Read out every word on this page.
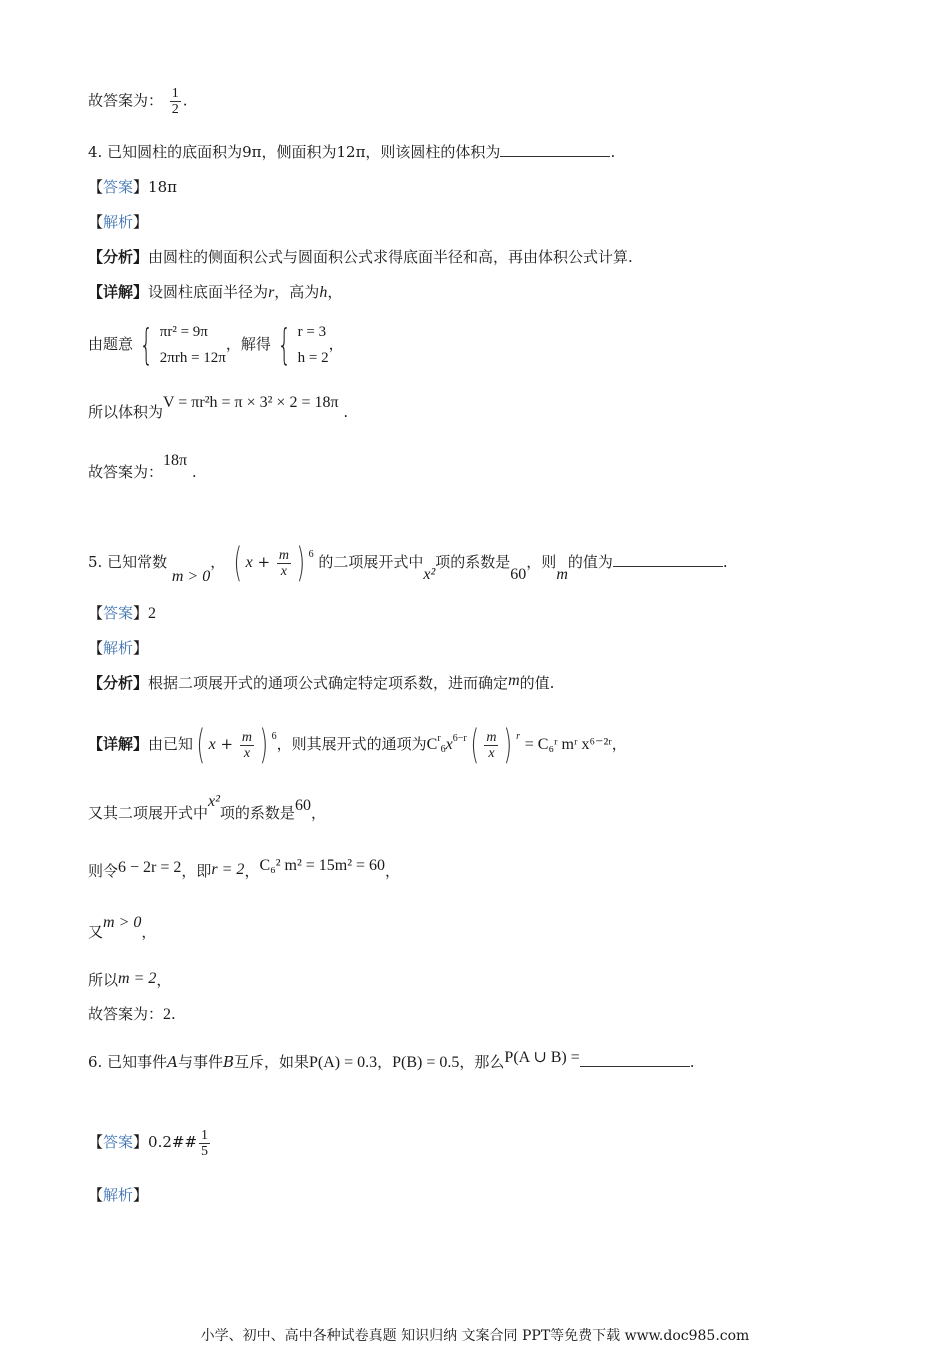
故答案为： $\frac{1}{2}$ .
4. 已知圆柱的底面积为9π，侧面积为12π，则该圆柱的体积为	.
【答案】18π
【解析】
【分析】由圆柱的侧面积公式与圆面积公式求得底面半径和高，再由体积公式计算.
【详解】设圆柱底面半径为r，高为h，
由题意 { πr² = 9π
2πrh = 12π
，解得 { r = 3
h = 2
，
所以体积为V = πr²h = π × 3² × 2 = 18π .
故答案为：18π .
5. 已知常数 m > 0， ( $x + \frac{m}{x}$ ) $^6$ 的二项展开式中x²项的系数是60，则m的值为	.
【答案】2
【解析】
【分析】根据二项展开式的通项公式确定特定项系数，进而确定m的值.
【详解】由已知( $x + \frac{m}{x}$ ) $^6$，则其展开式的通项为$C^r_6x^{6-r}( \frac{m}{x}$ ) $^r$ = C₆ʳ mʳ x⁶⁻²ʳ，
又其二项展开式中x²项的系数是60，
则令6 − 2r = 2，即r = 2，C₆² m² = 15m² = 60，
又m > 0，
所以m = 2，
故答案为：2.
6. 已知事件A与事件B互斥，如果P(A) = 0.3，P(B) = 0.5，那么P(A ∪ B) =	.
【答案】0.2## $\frac{1}{5}$
【解析】
小学、初中、高中各种试卷真题 知识归纳 文案合同 PPT等免费下载 www.doc985.com
